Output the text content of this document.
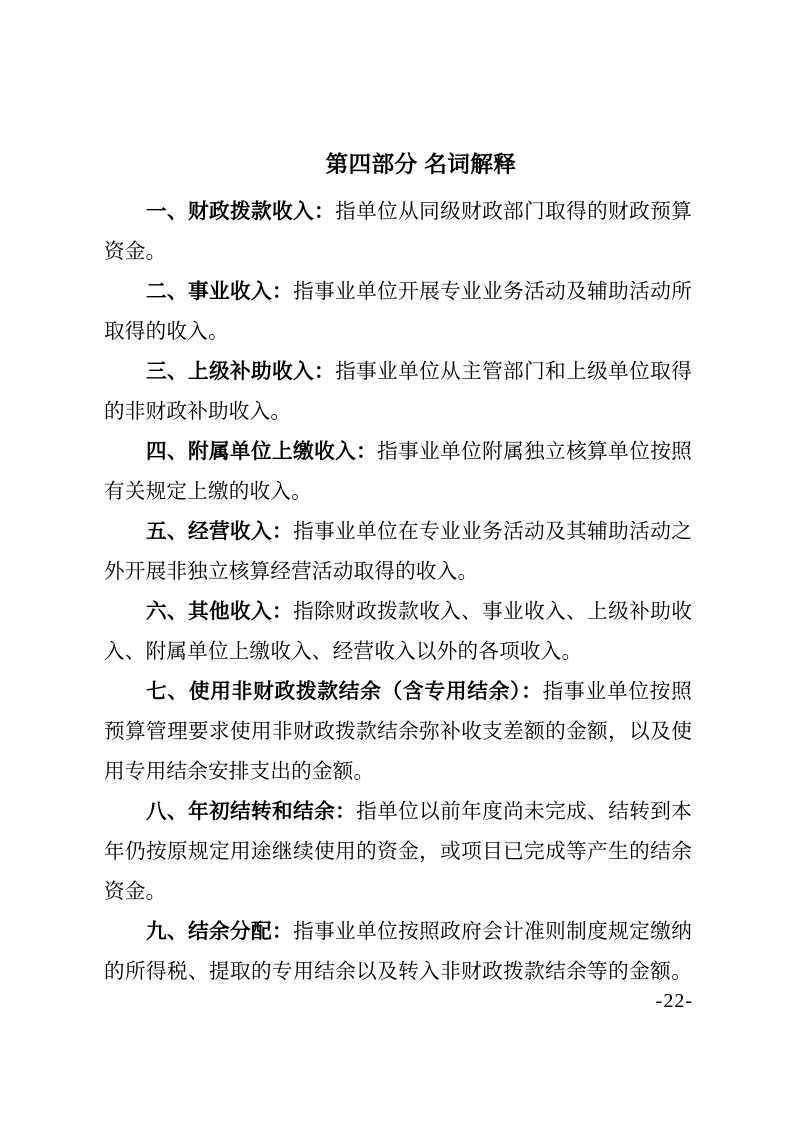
第四部分 名词解释
一、财政拨款收入：指单位从同级财政部门取得的财政预算
资金。
二、事业收入：指事业单位开展专业业务活动及辅助活动所
取得的收入。
三、上级补助收入：指事业单位从主管部门和上级单位取得
的非财政补助收入。
四、附属单位上缴收入：指事业单位附属独立核算单位按照
有关规定上缴的收入。
五、经营收入：指事业单位在专业业务活动及其辅助活动之
外开展非独立核算经营活动取得的收入。
六、其他收入：指除财政拨款收入、事业收入、上级补助收
入、附属单位上缴收入、经营收入以外的各项收入。
七、使用非财政拨款结余（含专用结余）：指事业单位按照
预算管理要求使用非财政拨款结余弥补收支差额的金额，以及使
用专用结余安排支出的金额。
八、年初结转和结余：指单位以前年度尚未完成、结转到本
年仍按原规定用途继续使用的资金，或项目已完成等产生的结余
资金。
九、结余分配：指事业单位按照政府会计准则制度规定缴纳
的所得税、提取的专用结余以及转入非财政拨款结余等的金额。
-22-
